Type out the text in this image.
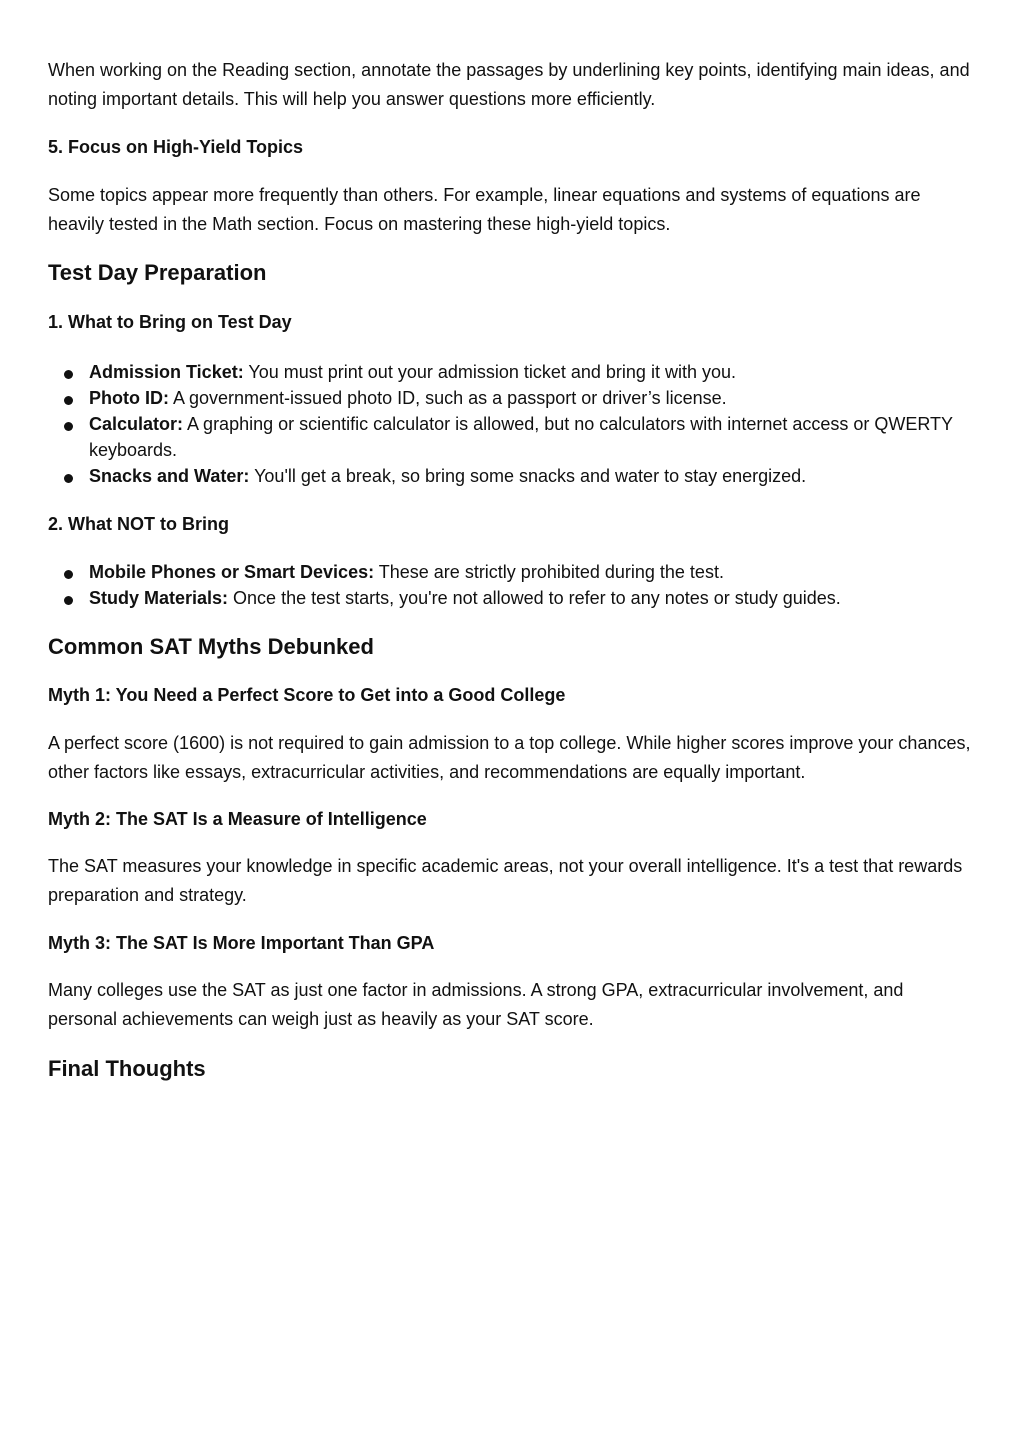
When working on the Reading section, annotate the passages by underlining key points, identifying main ideas, and noting important details. This will help you answer questions more efficiently.

5. Focus on High-Yield Topics

Some topics appear more frequently than others. For example, linear equations and systems of equations are heavily tested in the Math section. Focus on mastering these high-yield topics.

Test Day Preparation
1. What to Bring on Test Day
Admission Ticket: You must print out your admission ticket and bring it with you.
Photo ID: A government-issued photo ID, such as a passport or driver’s license.
Calculator: A graphing or scientific calculator is allowed, but no calculators with internet access or QWERTY keyboards.
Snacks and Water: You'll get a break, so bring some snacks and water to stay energized.
2. What NOT to Bring
Mobile Phones or Smart Devices: These are strictly prohibited during the test.
Study Materials: Once the test starts, you're not allowed to refer to any notes or study guides.
Common SAT Myths Debunked
Myth 1: You Need a Perfect Score to Get into a Good College

A perfect score (1600) is not required to gain admission to a top college. While higher scores improve your chances, other factors like essays, extracurricular activities, and recommendations are equally important.

Myth 2: The SAT Is a Measure of Intelligence

The SAT measures your knowledge in specific academic areas, not your overall intelligence. It's a test that rewards preparation and strategy.

Myth 3: The SAT Is More Important Than GPA

Many colleges use the SAT as just one factor in admissions. A strong GPA, extracurricular involvement, and personal achievements can weigh just as heavily as your SAT score.

Final Thoughts
